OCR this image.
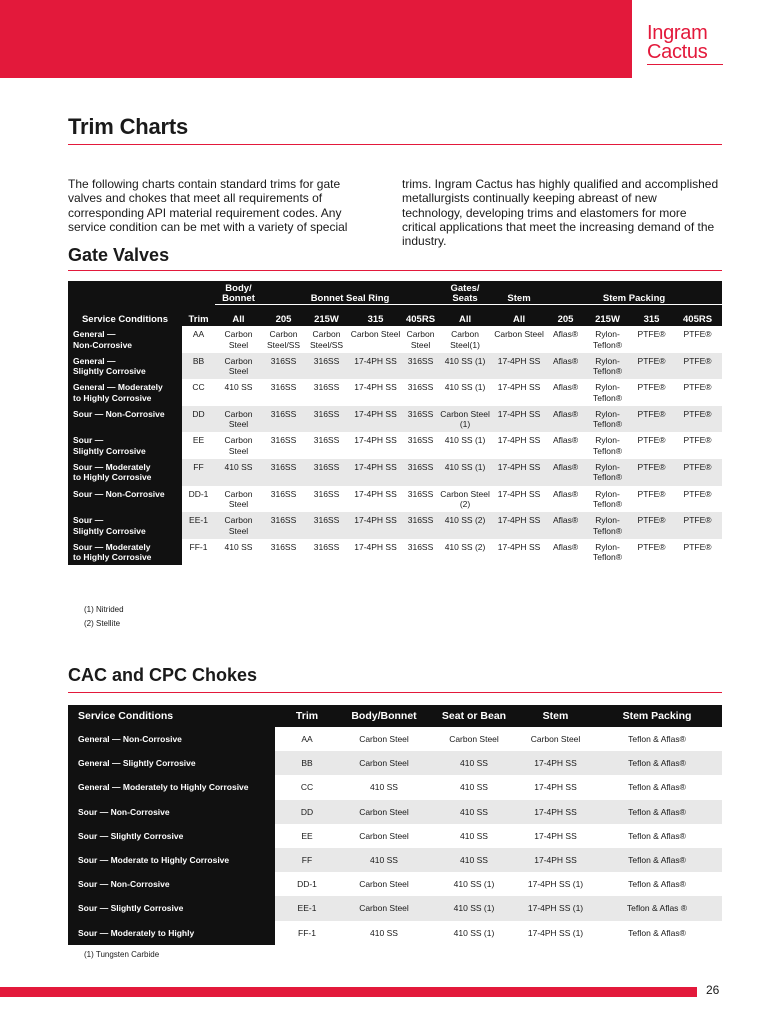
Ingram
Cactus
Trim Charts

The following charts contain standard trims for gate valves and chokes that meet all requirements of corresponding API material requirement codes. Any service condition can be met with a variety of special

trims. Ingram Cactus has highly qualified and accomplished metallurgists continually keeping abreast of new technology, developing trims and elastomers for more critical applications that meet the increasing demand of the industry.

Gate Valves
		Body/ Bonnet	Bonnet Seal Ring				Gates/ Seats	Stem	Stem Packing			

Service Conditions	Trim	All	205	215W	315	405RS	All	All	205	215W	315	405RS
General —
Non-Corrosive	AA	Carbon Steel	Carbon Steel/SS	Carbon Steel/SS	Carbon Steel	Carbon Steel	Carbon Steel(1)	Carbon Steel	Aflas®	Rylon- Teflon®	PTFE®	PTFE®
General —
Slightly Corrosive	BB	Carbon Steel	316SS	316SS	17-4PH SS	316SS	410 SS (1)	17-4PH SS	Aflas®	Rylon- Teflon®	PTFE®	PTFE®
General — Moderately
to Highly Corrosive	CC	410 SS	316SS	316SS	17-4PH SS	316SS	410 SS (1)	17-4PH SS	Aflas®	Rylon- Teflon®	PTFE®	PTFE®
Sour — Non-Corrosive	DD	Carbon Steel	316SS	316SS	17-4PH SS	316SS	Carbon Steel (1)	17-4PH SS	Aflas®	Rylon- Teflon®	PTFE®	PTFE®
Sour —
Slightly Corrosive	EE	Carbon Steel	316SS	316SS	17-4PH SS	316SS	410 SS (1)	17-4PH SS	Aflas®	Rylon- Teflon®	PTFE®	PTFE®
Sour — Moderately
to Highly Corrosive	FF	410 SS	316SS	316SS	17-4PH SS	316SS	410 SS (1)	17-4PH SS	Aflas®	Rylon- Teflon®	PTFE®	PTFE®
Sour — Non-Corrosive	DD-1	Carbon Steel	316SS	316SS	17-4PH SS	316SS	Carbon Steel (2)	17-4PH SS	Aflas®	Rylon- Teflon®	PTFE®	PTFE®
Sour —
Slightly Corrosive	EE-1	Carbon Steel	316SS	316SS	17-4PH SS	316SS	410 SS (2)	17-4PH SS	Aflas®	Rylon- Teflon®	PTFE®	PTFE®
Sour — Moderately
to Highly Corrosive	FF-1	410 SS	316SS	316SS	17-4PH SS	316SS	410 SS (2)	17-4PH SS	Aflas®	Rylon- Teflon®	PTFE®	PTFE®

(1) Nitrided

(2) Stellite

CAC and CPC Chokes
Service Conditions	Trim	Body/Bonnet	Seat or Bean	Stem	Stem Packing
General — Non-Corrosive	AA	Carbon Steel	Carbon Steel	Carbon Steel	Teflon & Aflas®
General — Slightly Corrosive	BB	Carbon Steel	410 SS	17-4PH SS	Teflon & Aflas®
General — Moderately to Highly Corrosive	CC	410 SS	410 SS	17-4PH SS	Teflon & Aflas®
Sour — Non-Corrosive	DD	Carbon Steel	410 SS	17-4PH SS	Teflon & Aflas®
Sour — Slightly Corrosive	EE	Carbon Steel	410 SS	17-4PH SS	Teflon & Aflas®
Sour — Moderate to Highly Corrosive	FF	410 SS	410 SS	17-4PH SS	Teflon & Aflas®
Sour — Non-Corrosive	DD-1	Carbon Steel	410 SS (1)	17-4PH SS (1)	Teflon & Aflas®
Sour — Slightly Corrosive	EE-1	Carbon Steel	410 SS (1)	17-4PH SS (1)	Teflon & Aflas ®
Sour — Moderately to Highly	FF-1	410 SS	410 SS (1)	17-4PH SS (1)	Teflon & Aflas®

(1) Tungsten Carbide

26
